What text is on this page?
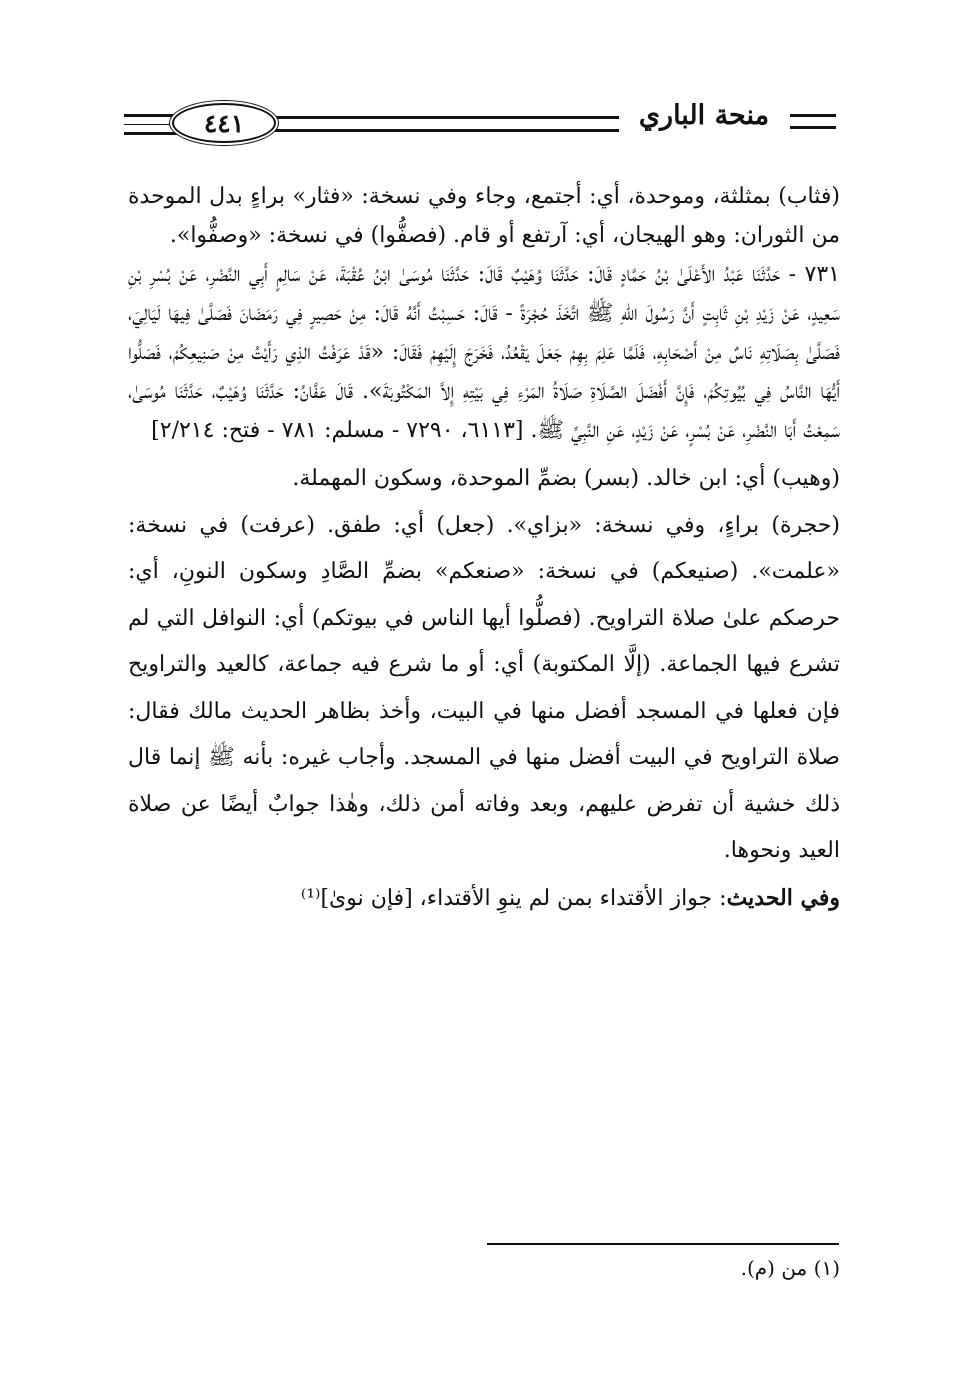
٤٤١	منحة الباري

(فثاب) بمثلثة، وموحدة، أي: أجتمع، وجاء وفي نسخة: «فثار» براءٍ بدل الموحدة من الثوران: وهو الهيجان، أي: آرتفع أو قام. (فصفُّوا) في نسخة: «وصفُّوا».

٧٣١ - حَدَّثَنَا عَبْدُ الأَعْلَىٰ بْنُ حَمَّادٍ قَالَ: حَدَّثَنَا وُهَيْبٌ قَالَ: حَدَّثَنَا مُوسَىٰ ابْنُ عُقْبَةَ، عَنْ سَالِمٍ أَبِي النَّضْرِ، عَنْ بُسْرِ بْنِ سَعِيدٍ، عَنْ زَيْدِ بْنِ ثَابِتٍ أَنَّ رَسُولَ اللهِ ﷺ اتَّخَذَ حُجْرَةً - قَالَ: حَسِبْتُ أَنَّهُ قَالَ: مِنْ حَصِيرٍ فِي رَمَضَانَ فَصَلَّىٰ فِيهَا لَيَالِيَ، فَصَلَّىٰ بِصَلَاتِهِ نَاسٌ مِنْ أَصْحَابِهِ، فَلَمَّا عَلِمَ بِهِمْ جَعَلَ يَقْعُدُ، فَخَرَجَ إِلَيْهِمْ فَقَالَ: «قَدْ عَرَفْتُ الذِي رَأَيْتُ مِنْ صَنِيعِكُمْ، فَصَلُّوا أَيُّهَا النَّاسُ فِي بُيُوتِكُمْ، فَإِنَّ أَفْضَلَ الصَّلَاةِ صَلَاةُ المَرْءِ فِي بَيْتِهِ إِلاَّ المَكْتُوبَةَ». قَالَ عَفَّانُ: حَدَّثَنَا وُهَيْبٌ، حَدَّثَنَا مُوسَىٰ، سَمِعْتُ أَبَا النَّضْرِ، عَنْ بُسْرٍ، عَنْ زَيْدٍ، عَنِ النَّبِيِّ ﷺ. [٦١١٣، ٧٢٩٠ - مسلم: ٧٨١ - فتح: ٢/٢١٤]

(وهيب) أي: ابن خالد. (بسر) بضمِّ الموحدة، وسكون المهملة.

(حجرة) براءٍ، وفي نسخة: «بزاي». (جعل) أي: طفق. (عرفت) في نسخة: «علمت». (صنيعكم) في نسخة: «صنعكم» بضمِّ الصَّادِ وسكون النونِ، أي: حرصكم علىٰ صلاة التراويح. (فصلُّوا أيها الناس في بيوتكم) أي: النوافل التي لم تشرع فيها الجماعة. (إلَّا المكتوبة) أي: أو ما شرع فيه جماعة، كالعيد والتراويح فإن فعلها في المسجد أفضل منها في البيت، وأخذ بظاهر الحديث مالك فقال: صلاة التراويح في البيت أفضل منها في المسجد. وأجاب غيره: بأنه ﷺ إنما قال ذلك خشية أن تفرض عليهم، وبعد وفاته أمن ذلك، وهٰذا جوابٌ أيضًا عن صلاة العيد ونحوها.

وفي الحديث: جواز الأقتداء بمن لم ينوِ الأقتداء، [فإن نوىٰ]⁽¹⁾

(١) من (م).
